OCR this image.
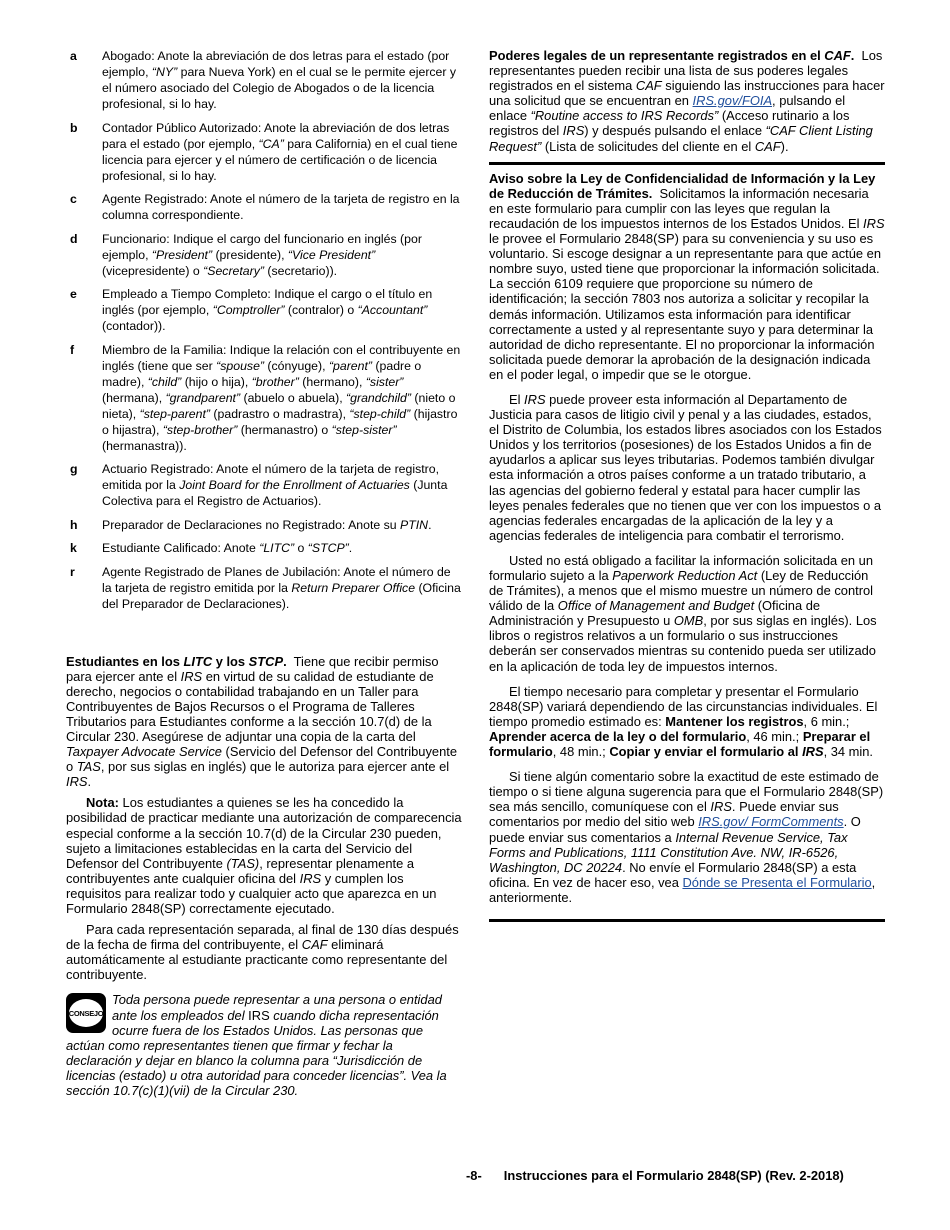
a	Abogado: Anote la abreviación de dos letras para el estado (por ejemplo, “NY” para Nueva York) en el cual se le permite ejercer y el número asociado del Colegio de Abogados o de la licencia profesional, si lo hay.
b	Contador Público Autorizado: Anote la abreviación de dos letras para el estado (por ejemplo, “CA” para California) en el cual tiene licencia para ejercer y el número de certificación o de licencia profesional, si lo hay.
c	Agente Registrado: Anote el número de la tarjeta de registro en la columna correspondiente.
d	Funcionario: Indique el cargo del funcionario en inglés (por ejemplo, “President” (presidente), “Vice President” (vicepresidente) o “Secretary” (secretario)).
e	Empleado a Tiempo Completo: Indique el cargo o el título en inglés (por ejemplo, “Comptroller” (contralor) o “Accountant” (contador)).
f	Miembro de la Familia: Indique la relación con el contribuyente en inglés (tiene que ser “spouse” (cónyuge), “parent” (padre o madre), “child” (hijo o hija), “brother” (hermano), “sister” (hermana), “grandparent” (abuelo o abuela), “grandchild” (nieto o nieta), “step-parent” (padrastro o madrastra), “step-child” (hijastro o hijastra), “step-brother” (hermanastro) o “step-sister” (hermanastra)).
g	Actuario Registrado: Anote el número de la tarjeta de registro, emitida por la Joint Board for the Enrollment of Actuaries (Junta Colectiva para el Registro de Actuarios).
h	Preparador de Declaraciones no Registrado: Anote su PTIN.
k	Estudiante Calificado: Anote “LITC” o “STCP”.
r	Agente Registrado de Planes de Jubilación: Anote el número de la tarjeta de registro emitida por la Return Preparer Office (Oficina del Preparador de Declaraciones).

Estudiantes en los LITC y los STCP.  Tiene que recibir permiso para ejercer ante el IRS en virtud de su calidad de estudiante de derecho, negocios o contabilidad trabajando en un Taller para Contribuyentes de Bajos Recursos o el Programa de Talleres Tributarios para Estudiantes conforme a la sección 10.7(d) de la Circular 230. Asegúrese de adjuntar una copia de la carta del Taxpayer Advocate Service (Servicio del Defensor del Contribuyente o TAS, por sus siglas en inglés) que le autoriza para ejercer ante el IRS.

Nota: Los estudiantes a quienes se les ha concedido la posibilidad de practicar mediante una autorización de comparecencia especial conforme a la sección 10.7(d) de la Circular 230 pueden, sujeto a limitaciones establecidas en la carta del Servicio del Defensor del Contribuyente (TAS), representar plenamente a contribuyentes ante cualquier oficina del IRS y cumplen los requisitos para realizar todo y cualquier acto que aparezca en un Formulario 2848(SP) correctamente ejecutado.

Para cada representación separada, al final de 130 días después de la fecha de firma del contribuyente, el CAF eliminará automáticamente al estudiante practicante como representante del contribuyente.

CONSEJO
Toda persona puede representar a una persona o entidad ante los empleados del IRS cuando dicha representación ocurre fuera de los Estados Unidos. Las personas que actúan como representantes tienen que firmar y fechar la declaración y dejar en blanco la columna para “Jurisdicción de licencias (estado) u otra autoridad para conceder licencias”. Vea la sección 10.7(c)(1)(vii) de la Circular 230.

Poderes legales de un representante registrados en el CAF.  Los representantes pueden recibir una lista de sus poderes legales registrados en el sistema CAF siguiendo las instrucciones para hacer una solicitud que se encuentran en IRS.gov/FOIA, pulsando el enlace “Routine access to IRS Records” (Acceso rutinario a los registros del IRS) y después pulsando el enlace “CAF Client Listing Request” (Lista de solicitudes del cliente en el CAF).

Aviso sobre la Ley de Confidencialidad de Información y la Ley de Reducción de Trámites.  Solicitamos la información necesaria en este formulario para cumplir con las leyes que regulan la recaudación de los impuestos internos de los Estados Unidos. El IRS le provee el Formulario 2848(SP) para su conveniencia y su uso es voluntario. Si escoge designar a un representante para que actúe en nombre suyo, usted tiene que proporcionar la información solicitada. La sección 6109 requiere que proporcione su número de identificación; la sección 7803 nos autoriza a solicitar y recopilar la demás información. Utilizamos esta información para identificar correctamente a usted y al representante suyo y para determinar la autoridad de dicho representante. El no proporcionar la información solicitada puede demorar la aprobación de la designación indicada en el poder legal, o impedir que se le otorgue.

El IRS puede proveer esta información al Departamento de Justicia para casos de litigio civil y penal y a las ciudades, estados, el Distrito de Columbia, los estados libres asociados con los Estados Unidos y los territorios (posesiones) de los Estados Unidos a fin de ayudarlos a aplicar sus leyes tributarias. Podemos también divulgar esta información a otros países conforme a un tratado tributario, a las agencias del gobierno federal y estatal para hacer cumplir las leyes penales federales que no tienen que ver con los impuestos o a agencias federales encargadas de la aplicación de la ley y a agencias federales de inteligencia para combatir el terrorismo.

Usted no está obligado a facilitar la información solicitada en un formulario sujeto a la Paperwork Reduction Act (Ley de Reducción de Trámites), a menos que el mismo muestre un número de control válido de la Office of Management and Budget (Oficina de Administración y Presupuesto u OMB, por sus siglas en inglés). Los libros o registros relativos a un formulario o sus instrucciones deberán ser conservados mientras su contenido pueda ser utilizado en la aplicación de toda ley de impuestos internos.

El tiempo necesario para completar y presentar el Formulario 2848(SP) variará dependiendo de las circunstancias individuales. El tiempo promedio estimado es: Mantener los registros, 6 min.; Aprender acerca de la ley o del formulario, 46 min.; Preparar el formulario, 48 min.; Copiar y enviar el formulario al IRS, 34 min.

Si tiene algún comentario sobre la exactitud de este estimado de tiempo o si tiene alguna sugerencia para que el Formulario 2848(SP) sea más sencillo, comuníquese con el IRS. Puede enviar sus comentarios por medio del sitio web IRS.gov/ FormComments. O puede enviar sus comentarios a Internal Revenue Service, Tax Forms and Publications, 1111 Constitution Ave. NW, IR-6526, Washington, DC 20224. No envíe el Formulario 2848(SP) a esta oficina. En vez de hacer eso, vea Dónde se Presenta el Formulario, anteriormente.

-8- Instrucciones para el Formulario 2848(SP) (Rev. 2-2018)
